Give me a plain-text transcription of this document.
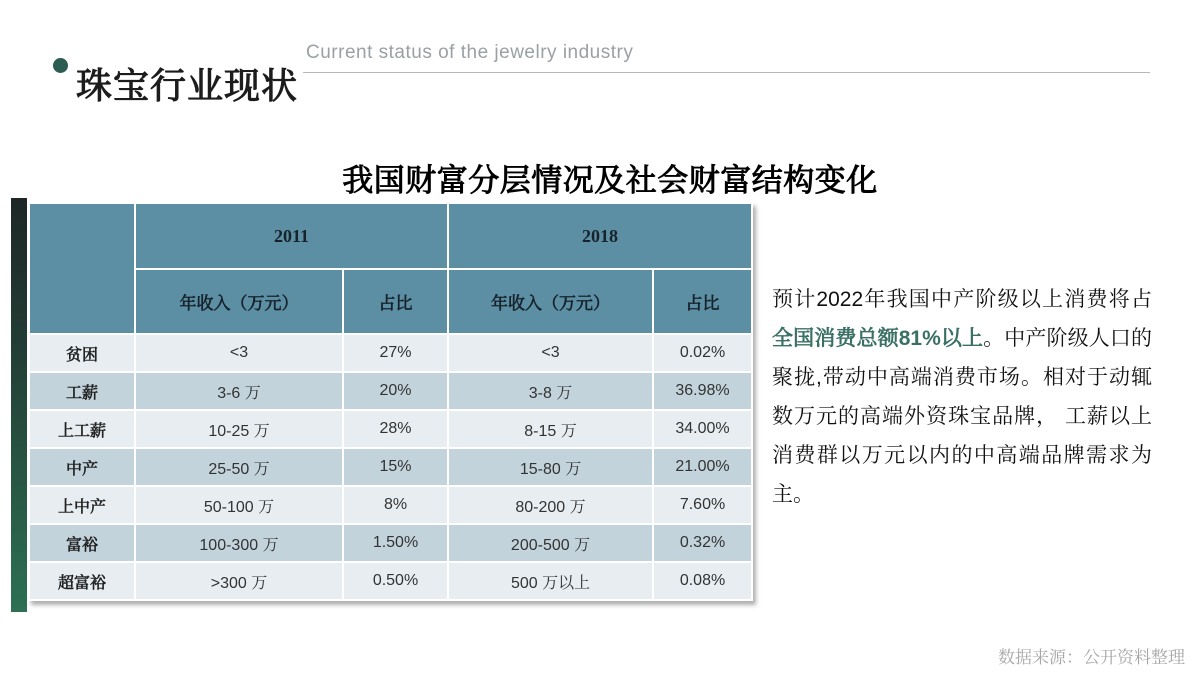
珠宝行业现状
Current status of the jewelry industry
我国财富分层情况及社会财富结构变化
	2011		2018	
	年收入（万元）	占比	年收入（万元）	占比
贫困	<3	27%	<3	0.02%
工薪	3-6 万	20%	3-8 万	36.98%
上工薪	10-25 万	28%	8-15 万	34.00%
中产	25-50 万	15%	15-80 万	21.00%
上中产	50-100 万	8%	80-200 万	7.60%
富裕	100-300 万	1.50%	200-500 万	0.32%
超富裕	>300 万	0.50%	500 万以上	0.08%

预计2022年我国中产阶级以上消费将占全国消费总额81%以上。中产阶级人口的聚拢,带动中高端消费市场。相对于动辄数万元的高端外资珠宝品牌， 工薪以上消费群以万元以内的中高端品牌需求为主。

数据来源：公开资料整理
